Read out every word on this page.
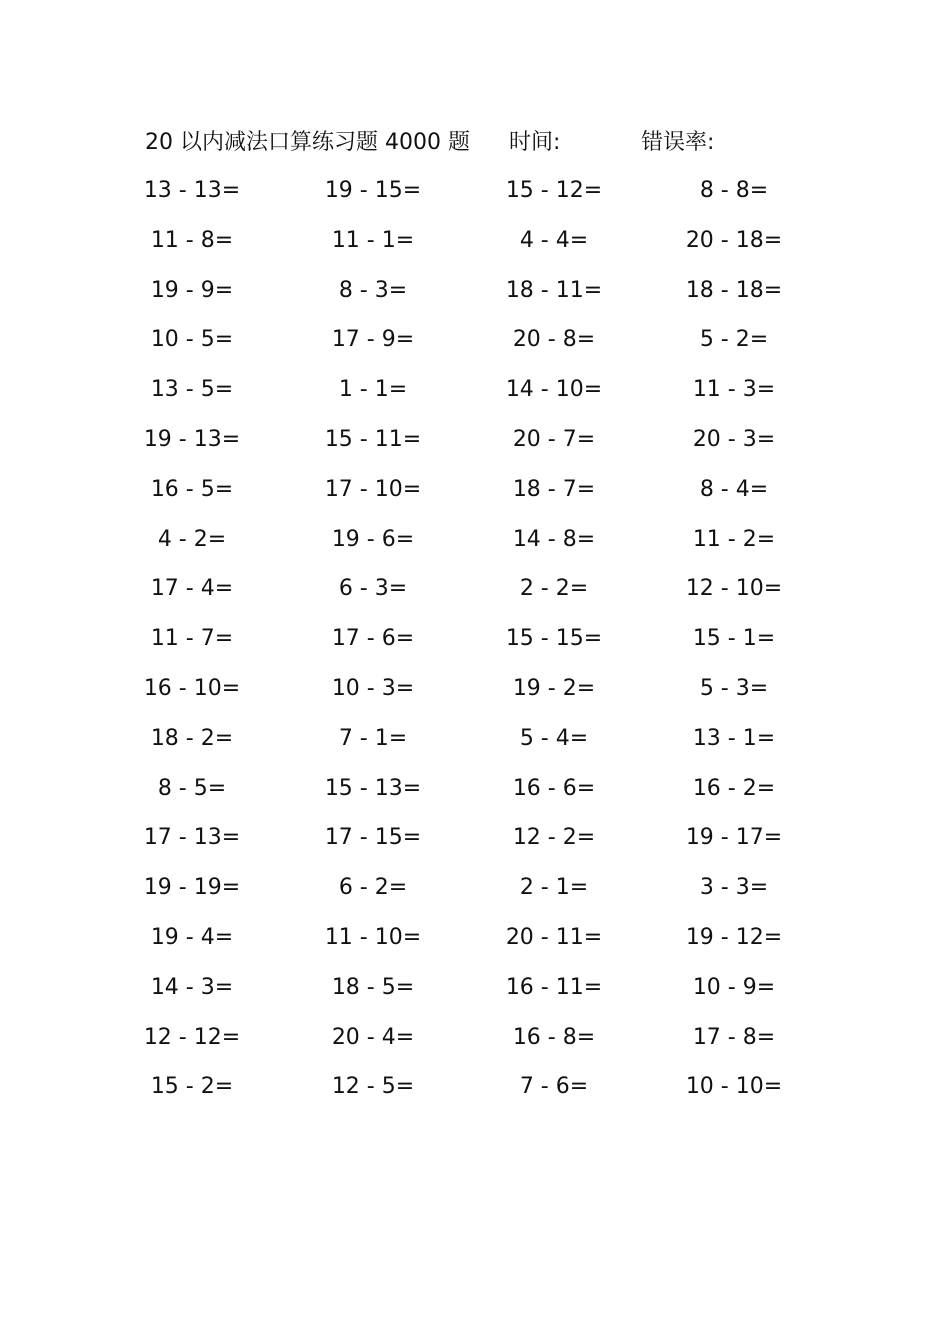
20 以内减法口算练习题 4000 题 时间:	错误率:
13 - 13=	19 - 15=	15 - 12=	8 - 8=
11 - 8=	11 - 1=	4 - 4=	20 - 18=
19 - 9=	8 - 3=	18 - 11=	18 - 18=
10 - 5=	17 - 9=	20 - 8=	5 - 2=
13 - 5=	1 - 1=	14 - 10=	11 - 3=
19 - 13=	15 - 11=	20 - 7=	20 - 3=
16 - 5=	17 - 10=	18 - 7=	8 - 4=
4 - 2=	19 - 6=	14 - 8=	11 - 2=
17 - 4=	6 - 3=	2 - 2=	12 - 10=
11 - 7=	17 - 6=	15 - 15=	15 - 1=
16 - 10=	10 - 3=	19 - 2=	5 - 3=
18 - 2=	7 - 1=	5 - 4=	13 - 1=
8 - 5=	15 - 13=	16 - 6=	16 - 2=
17 - 13=	17 - 15=	12 - 2=	19 - 17=
19 - 19=	6 - 2=	2 - 1=	3 - 3=
19 - 4=	11 - 10=	20 - 11=	19 - 12=
14 - 3=	18 - 5=	16 - 11=	10 - 9=
12 - 12=	20 - 4=	16 - 8=	17 - 8=
15 - 2=	12 - 5=	7 - 6=	10 - 10=
